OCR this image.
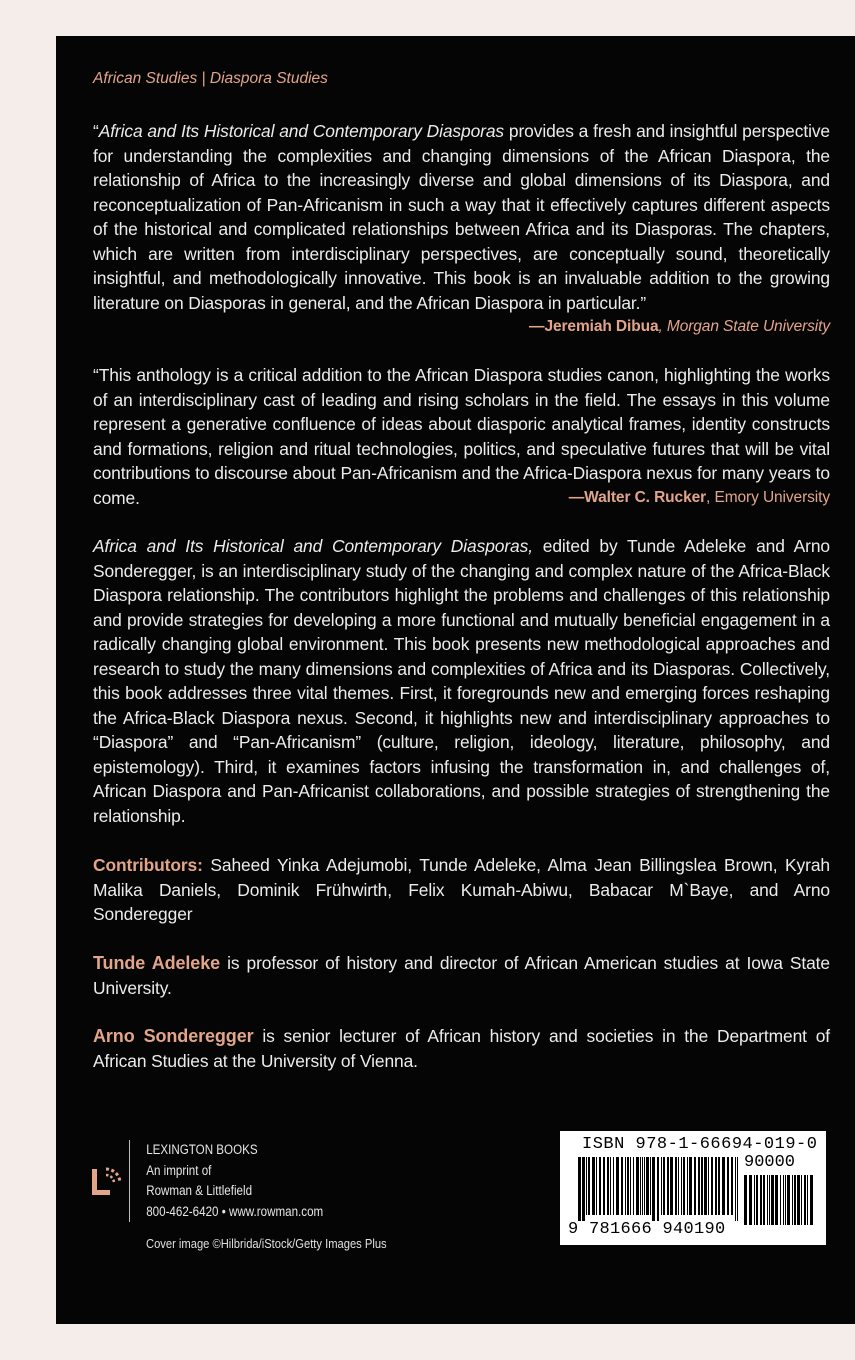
African Studies | Diaspora Studies

“Africa and Its Historical and Contemporary Diasporas provides a fresh and insightful perspective for understanding the complexities and changing dimensions of the African Diaspora, the relationship of Africa to the increasingly diverse and global dimensions of its Diaspora, and reconceptualization of Pan-Africanism in such a way that it effectively captures different aspects of the historical and complicated relationships between Africa and its Diasporas. The chapters, which are written from interdisciplinary perspectives, are conceptually sound, theoretically insightful, and methodologically innovative. This book is an invaluable addition to the growing literature on Diasporas in general, and the African Diaspora in particular.”
—Jeremiah Dibua, Morgan State University

“This anthology is a critical addition to the African Diaspora studies canon, highlighting the works of an interdisciplinary cast of leading and rising scholars in the field. The essays in this volume represent a generative confluence of ideas about diasporic analytical frames, identity constructs and formations, religion and ritual technologies, politics, and speculative futures that will be vital contributions to discourse about Pan-Africanism and the Africa-Diaspora nexus for many years to come.	—Walter C. Rucker, Emory University

Africa and Its Historical and Contemporary Diasporas, edited by Tunde Adeleke and Arno Sonderegger, is an interdisciplinary study of the changing and complex nature of the Africa-Black Diaspora relationship. The contributors highlight the problems and challenges of this relationship and provide strategies for developing a more functional and mutually beneficial engagement in a radically changing global environment. This book presents new methodological approaches and research to study the many dimensions and complexities of Africa and its Diasporas. Collectively, this book addresses three vital themes. First, it foregrounds new and emerging forces reshaping the Africa-Black Diaspora nexus. Second, it highlights new and interdisciplinary approaches to “Diaspora” and “Pan-Africanism” (culture, religion, ideology, literature, philosophy, and epistemology). Third, it examines factors infusing the transformation in, and challenges of, African Diaspora and Pan-Africanist collaborations, and possible strategies of strengthening the relationship.

Contributors: Saheed Yinka Adejumobi, Tunde Adeleke, Alma Jean Billingslea Brown, Kyrah Malika Daniels, Dominik Frühwirth, Felix Kumah-Abiwu, Babacar M`Baye, and Arno Sonderegger
Tunde Adeleke is professor of history and director of African American studies at Iowa State University.
Arno Sonderegger is senior lecturer of African history and societies in the Department of African Studies at the University of Vienna.
LEXINGTON BOOKS
An imprint of
Rowman & Littlefield
800-462-6420 • www.rowman.com
Cover image ©Hilbrida/iStock/Getty Images Plus
ISBN 978-1-66694-019-0
90000
9 781666 940190
